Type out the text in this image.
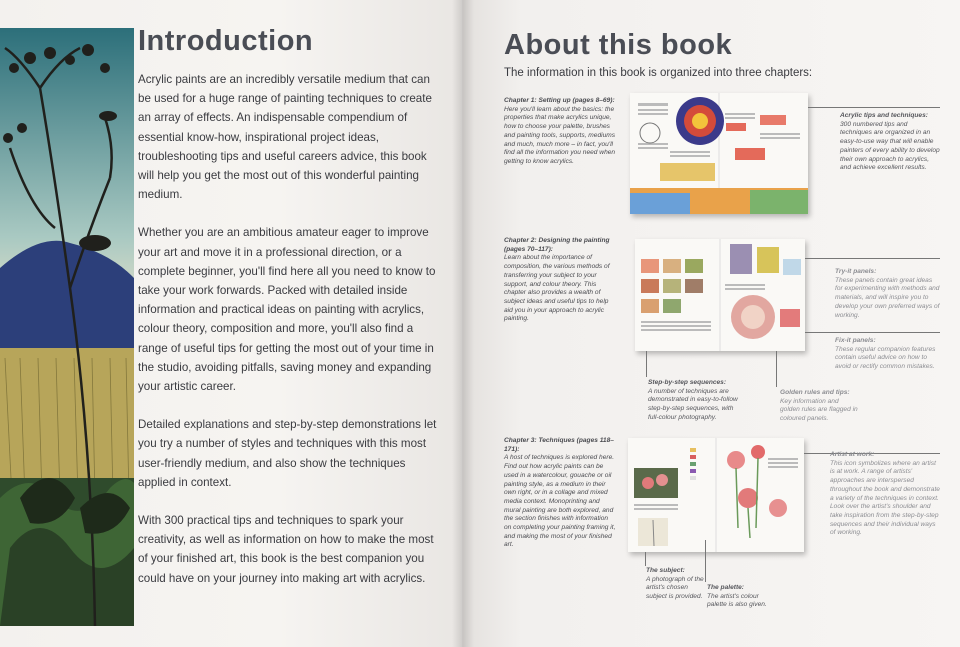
Introduction

Acrylic paints are an incredibly versatile medium that can be used for a huge range of painting techniques to create an array of effects. An indispensable compendium of essential know-how, inspirational project ideas, troubleshooting tips and useful careers advice, this book will help you get the most out of this wonderful painting medium.

Whether you are an ambitious amateur eager to improve your art and move it in a professional direction, or a complete beginner, you'll find here all you need to know to take your work forwards. Packed with detailed inside information and practical ideas on painting with acrylics, colour theory, composition and more, you'll also find a range of useful tips for getting the most out of your time in the studio, avoiding pitfalls, saving money and expanding your artistic career.

Detailed explanations and step-by-step demonstrations let you try a number of styles and techniques with this most user-friendly medium, and also show the techniques applied in context.

With 300 practical tips and techniques to spark your creativity, as well as information on how to make the most of your finished art, this book is the best companion you could have on your journey into making art with acrylics.

About this book
The information in this book is organized into three chapters:
Chapter 1: Setting up (pages 8–69):
Here you'll learn about the basics: the properties that make acrylics unique, how to choose your palette, brushes and painting tools, supports, mediums and much, much more – in fact, you'll find all the information you need when getting to know acrylics.
Acrylic tips and techniques:
300 numbered tips and techniques are organized in an easy-to-use way that will enable painters of every ability to develop their own approach to acrylics, and achieve excellent results.
Chapter 2: Designing the painting (pages 70–117):
Learn about the importance of composition, the various methods of transferring your subject to your support, and colour theory. This chapter also provides a wealth of subject ideas and useful tips to help aid you in your approach to acrylic painting.
Try-it panels:
These panels contain great ideas for experimenting with methods and materials, and will inspire you to develop your own preferred ways of working.
Fix-it panels:
These regular companion features contain useful advice on how to avoid or rectify common mistakes.
Step-by-step sequences:
A number of techniques are demonstrated in easy-to-follow step-by-step sequences, with full-colour photography.
Golden rules and tips:
Key information and golden rules are flagged in coloured panels.
Chapter 3: Techniques (pages 118–171):
A host of techniques is explored here. Find out how acrylic paints can be used in a watercolour, gouache or oil painting style, as a medium in their own right, or in a collage and mixed media context. Monoprinting and mural painting are both explored, and the section finishes with information on completing your painting framing it, and making the most of your finished art.
Artist at work:
This icon symbolizes where an artist is at work. A range of artists' approaches are interspersed throughout the book and demonstrate a variety of the techniques in context. Look over the artist's shoulder and take inspiration from the step-by-step sequences and their individual ways of working.
The subject:
A photograph of the artist's chosen subject is provided.
The palette:
The artist's colour palette is also given.
